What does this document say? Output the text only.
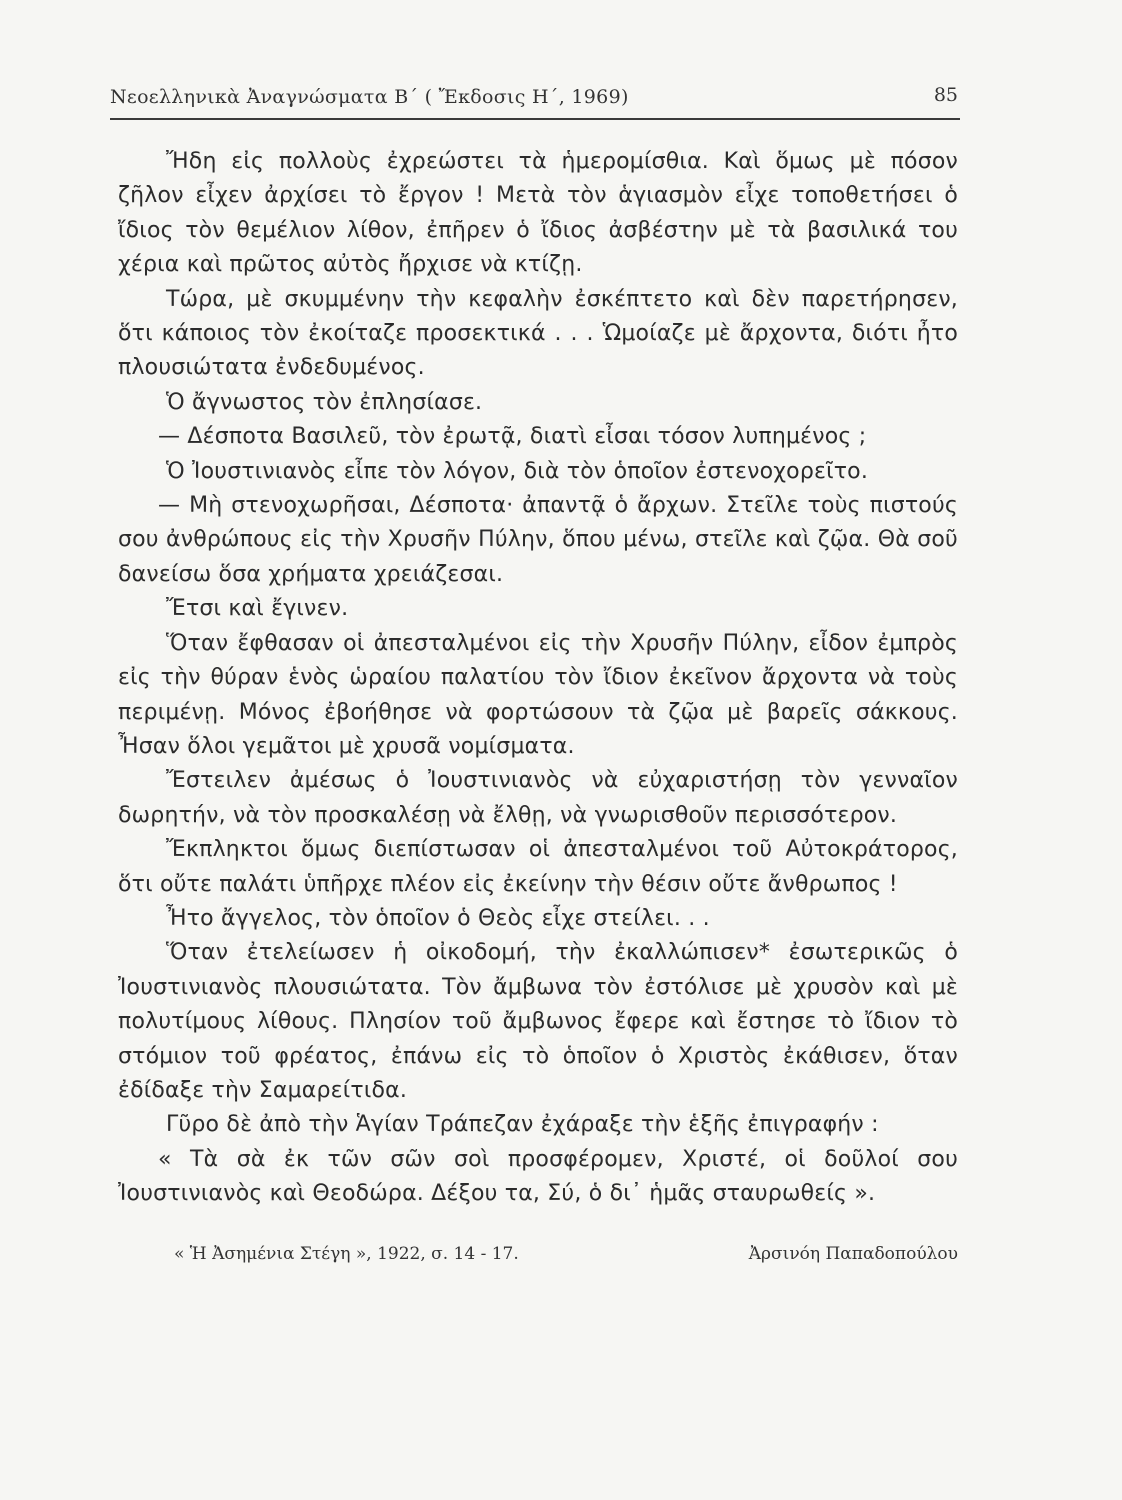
Νεοελληνικὰ Ἀναγνώσματα Β΄ ( Ἔκδοσις Η΄, 1969)	85

Ἤδη εἰς πολλοὺς ἐχρεώστει τὰ ἡμερομίσθια. Καὶ ὅμως μὲ πόσον ζῆλον εἶχεν ἀρχίσει τὸ ἔργον ! Μετὰ τὸν ἁγιασμὸν εἶχε τοποθετήσει ὁ ἴδιος τὸν θεμέλιον λίθον, ἐπῆρεν ὁ ἴδιος ἀσβέστην μὲ τὰ βασιλικά του χέρια καὶ πρῶτος αὐτὸς ἤρχισε νὰ κτίζῃ.

Τώρα, μὲ σκυμμένην τὴν κεφαλὴν ἐσκέπτετο καὶ δὲν παρετήρησεν, ὅτι κάποιος τὸν ἐκοίταζε προσεκτικά . . . Ὡμοίαζε μὲ ἄρχοντα, διότι ἦτο πλουσιώτατα ἐνδεδυμένος.

Ὁ ἄγνωστος τὸν ἐπλησίασε.

— Δέσποτα Βασιλεῦ, τὸν ἐρωτᾷ, διατὶ εἶσαι τόσον λυπημένος ;

Ὁ Ἰουστινιανὸς εἶπε τὸν λόγον, διὰ τὸν ὁποῖον ἐστενοχορεῖτο.

— Μὴ στενοχωρῆσαι, Δέσποτα· ἀπαντᾷ ὁ ἄρχων. Στεῖλε τοὺς πιστούς σου ἀνθρώπους εἰς τὴν Χρυσῆν Πύλην, ὅπου μένω, στεῖλε καὶ ζῷα. Θὰ σοῦ δανείσω ὅσα χρήματα χρειάζεσαι.

Ἔτσι καὶ ἔγινεν.

Ὅταν ἔφθασαν οἱ ἀπεσταλμένοι εἰς τὴν Χρυσῆν Πύλην, εἶδον ἐμπρὸς εἰς τὴν θύραν ἑνὸς ὡραίου παλατίου τὸν ἴδιον ἐκεῖνον ἄρχοντα νὰ τοὺς περιμένῃ. Μόνος ἐβοήθησε νὰ φορτώσουν τὰ ζῷα μὲ βαρεῖς σάκκους. Ἦσαν ὅλοι γεμᾶτοι μὲ χρυσᾶ νομίσματα.

Ἔστειλεν ἀμέσως ὁ Ἰουστινιανὸς νὰ εὐχαριστήσῃ τὸν γενναῖον δωρητήν, νὰ τὸν προσκαλέσῃ νὰ ἔλθῃ, νὰ γνωρισθοῦν περισσότερον.

Ἔκπληκτοι ὅμως διεπίστωσαν οἱ ἀπεσταλμένοι τοῦ Αὐτοκράτορος, ὅτι οὔτε παλάτι ὑπῆρχε πλέον εἰς ἐκείνην τὴν θέσιν οὔτε ἄνθρωπος !

Ἦτο ἄγγελος, τὸν ὁποῖον ὁ Θεὸς εἶχε στείλει. . .

Ὅταν ἐτελείωσεν ἡ οἰκοδομή, τὴν ἐκαλλώπισεν* ἐσωτερικῶς ὁ Ἰουστινιανὸς πλουσιώτατα. Τὸν ἄμβωνα τὸν ἐστόλισε μὲ χρυσὸν καὶ μὲ πολυτίμους λίθους. Πλησίον τοῦ ἄμβωνος ἔφερε καὶ ἔστησε τὸ ἴδιον τὸ στόμιον τοῦ φρέατος, ἐπάνω εἰς τὸ ὁποῖον ὁ Χριστὸς ἐκάθισεν, ὅταν ἐδίδαξε τὴν Σαμαρείτιδα.

Γῦρο δὲ ἀπὸ τὴν Ἁγίαν Τράπεζαν ἐχάραξε τὴν ἑξῆς ἐπιγραφήν :

« Τὰ σὰ ἐκ τῶν σῶν σοὶ προσφέρομεν, Χριστέ, οἱ δοῦλοί σου Ἰουστινιανὸς καὶ Θεοδώρα. Δέξου τα, Σύ, ὁ δι᾽ ἡμᾶς σταυρωθείς ».

« Ἡ Ἀσημένια Στέγη », 1922, σ. 14 - 17.	Ἀρσινόη Παπαδοπούλου
